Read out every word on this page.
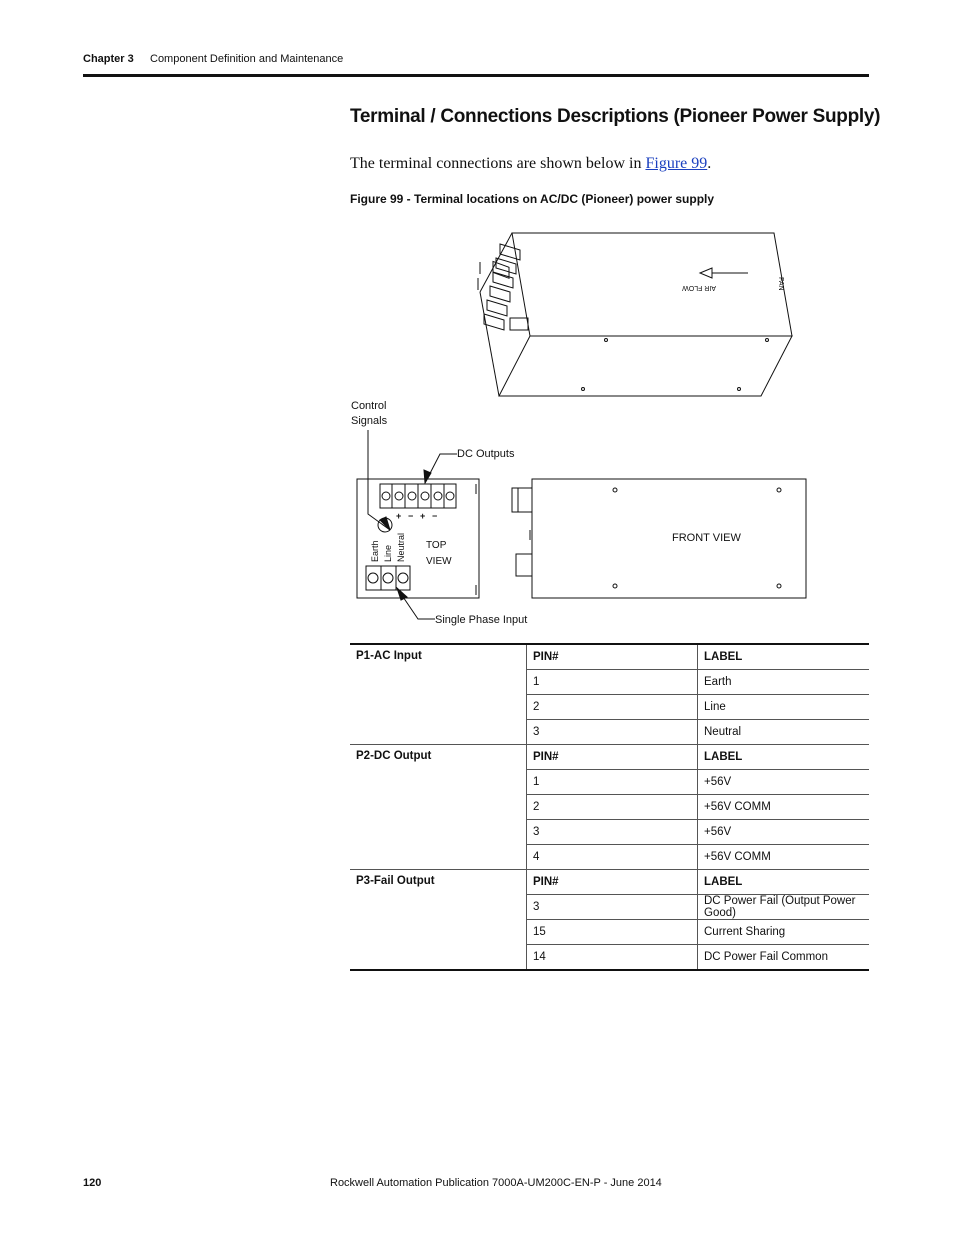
Chapter 3 Component Definition and Maintenance
Terminal / Connections Descriptions (Pioneer Power Supply)
The terminal connections are shown below in Figure 99.
Figure 99 - Terminal locations on AC/DC (Pioneer) power supply
AIR FLOW	FAN
Control
Signals
DC Outputs
+ − + −
Earth Line Neutral TOP
VIEW
Single Phase Input
FRONT VIEW
P1-AC Input	PIN#	LABEL
	1	Earth
	2	Line
	3	Neutral
P2-DC Output	PIN#	LABEL
	1	+56V
	2	+56V COMM
	3	+56V
	4	+56V COMM
P3-Fail Output	PIN#	LABEL
	3	DC Power Fail (Output Power Good)
	15	Current Sharing
	14	DC Power Fail Common
120	Rockwell Automation Publication 7000A-UM200C-EN-P - June 2014
